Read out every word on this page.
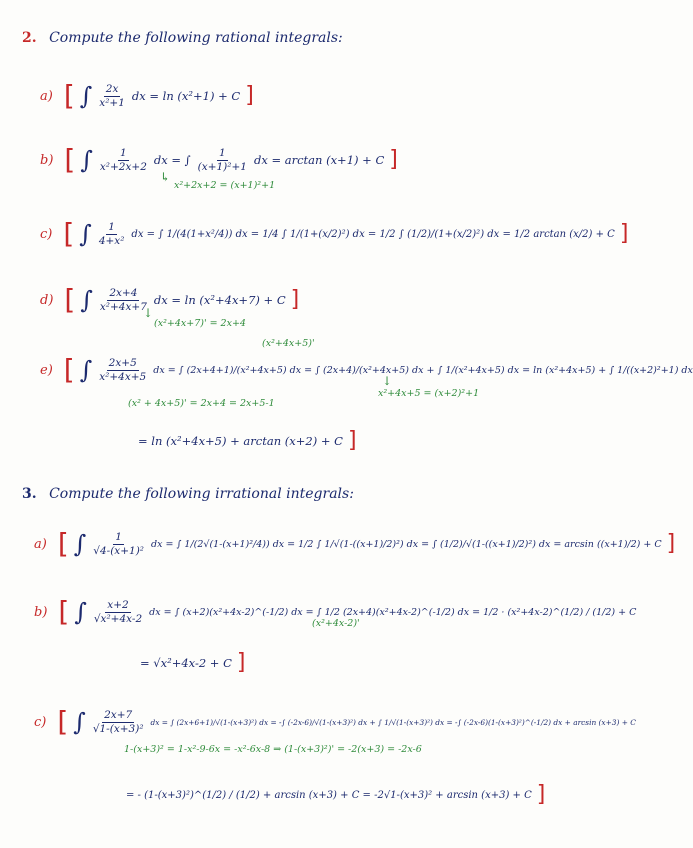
2. Compute the following rational integrals:
a) [ ∫ $\frac{2x}{\text{x²+1}}$ dx = ln (x²+1) + C ]
b) [ ∫ $\frac{1}{\text{x²+2x+2}}$ dx = ∫ $\frac{1}{\text{(x+1)²+1}}$ dx = arctan (x+1) + C ]
↳
x²+2x+2 = (x+1)²+1
c) [ ∫ $\frac{1}{\text{4+x²}}$ dx = ∫ 1/(4(1+x²/4)) dx = 1/4 ∫ 1/(1+(x/2)²) dx = 1/2 ∫ (1/2)/(1+(x/2)²) dx = 1/2 arctan (x/2) + C ]
d) [ ∫ $\frac{2x+4}{\text{x²+4x+7}}$ dx = ln (x²+4x+7) + C ]
↓
(x²+4x+7)' = 2x+4
(x²+4x+5)'
e) [ ∫ $\frac{2x+5}{\text{x²+4x+5}}$ dx = ∫ (2x+4+1)/(x²+4x+5) dx = ∫ (2x+4)/(x²+4x+5) dx + ∫ 1/(x²+4x+5) dx = ln (x²+4x+5) + ∫ 1/((x+2)²+1) dx
(x² + 4x+5)' = 2x+4 = 2x+5-1
↓
x²+4x+5 = (x+2)²+1
= ln (x²+4x+5) + arctan (x+2) + C ]
3. Compute the following irrational integrals:
a) [ ∫ $\frac{1}{\text{√4-(x+1)²}}$ dx = ∫ 1/(2√(1-(x+1)²/4)) dx = 1/2 ∫ 1/√(1-((x+1)/2)²) dx = ∫ (1/2)/√(1-((x+1)/2)²) dx = arcsin ((x+1)/2) + C ]
b) [ ∫ $\frac{x+2}{\text{√x²+4x-2}}$ dx = ∫ (x+2)(x²+4x-2)^(-1/2) dx = ∫ 1/2 (2x+4)(x²+4x-2)^(-1/2) dx = 1/2 · (x²+4x-2)^(1/2) / (1/2) + C
(x²+4x-2)'
= √x²+4x-2 + C ]
c) [ ∫ $\frac{2x+7}{\text{√1-(x+3)²}}$ dx = ∫ (2x+6+1)/√(1-(x+3)²) dx = -∫ (-2x-6)/√(1-(x+3)²) dx + ∫ 1/√(1-(x+3)²) dx = -∫ (-2x-6)(1-(x+3)²)^(-1/2) dx + arcsin (x+3) + C
1-(x+3)² = 1-x²-9-6x = -x²-6x-8 ⇒ (1-(x+3)²)' = -2(x+3) = -2x-6
= - (1-(x+3)²)^(1/2) / (1/2) + arcsin (x+3) + C = -2√1-(x+3)² + arcsin (x+3) + C ]
